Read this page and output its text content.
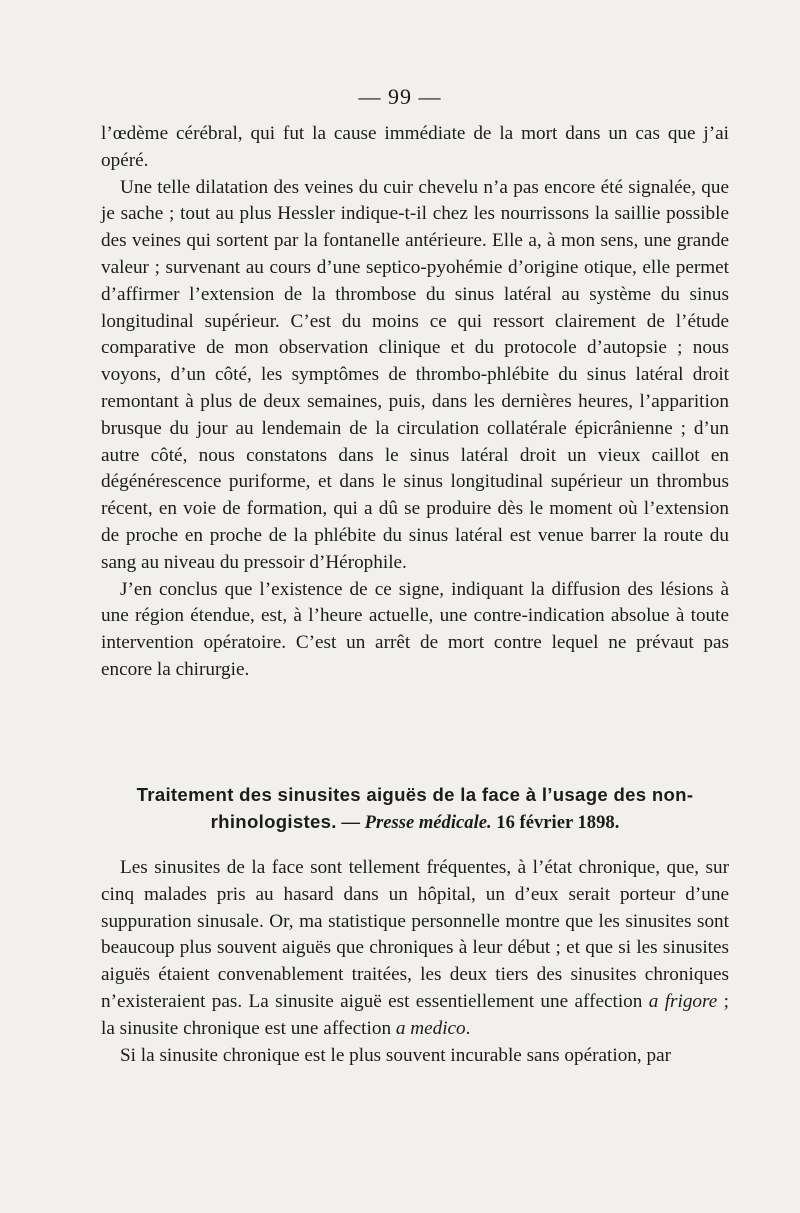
— 99 —

l’œdème cérébral, qui fut la cause immédiate de la mort dans un cas que j’ai opéré.

Une telle dilatation des veines du cuir chevelu n’a pas encore été signalée, que je sache ; tout au plus Hessler indique-t-il chez les nourrissons la saillie possible des veines qui sortent par la fontanelle antérieure. Elle a, à mon sens, une grande valeur ; survenant au cours d’une septico-pyohémie d’origine otique, elle permet d’affirmer l’extension de la thrombose du sinus latéral au système du sinus longitudinal supérieur. C’est du moins ce qui ressort clairement de l’étude comparative de mon observation clinique et du protocole d’autopsie ; nous voyons, d’un côté, les symptômes de thrombo-phlébite du sinus latéral droit remontant à plus de deux semaines, puis, dans les dernières heures, l’apparition brusque du jour au lendemain de la circulation collatérale épicrânienne ; d’un autre côté, nous constatons dans le sinus latéral droit un vieux caillot en dégénérescence puriforme, et dans le sinus longitudinal supérieur un thrombus récent, en voie de formation, qui a dû se produire dès le moment où l’extension de proche en proche de la phlébite du sinus latéral est venue barrer la route du sang au niveau du pressoir d’Hérophile.

J’en conclus que l’existence de ce signe, indiquant la diffusion des lésions à une région étendue, est, à l’heure actuelle, une contre-indication absolue à toute intervention opératoire. C’est un arrêt de mort contre lequel ne prévaut pas encore la chirurgie.

Traitement des sinusites aiguës de la face à l’usage des non-rhinologistes. — Presse médicale. 16 février 1898.

Les sinusites de la face sont tellement fréquentes, à l’état chronique, que, sur cinq malades pris au hasard dans un hôpital, un d’eux serait porteur d’une suppuration sinusale. Or, ma statistique personnelle montre que les sinusites sont beaucoup plus souvent aiguës que chroniques à leur début ; et que si les sinusites aiguës étaient convenablement traitées, les deux tiers des sinusites chroniques n’existeraient pas. La sinusite aiguë est essentiellement une affection a frigore ; la sinusite chronique est une affection a medico.

Si la sinusite chronique est le plus souvent incurable sans opération, par
